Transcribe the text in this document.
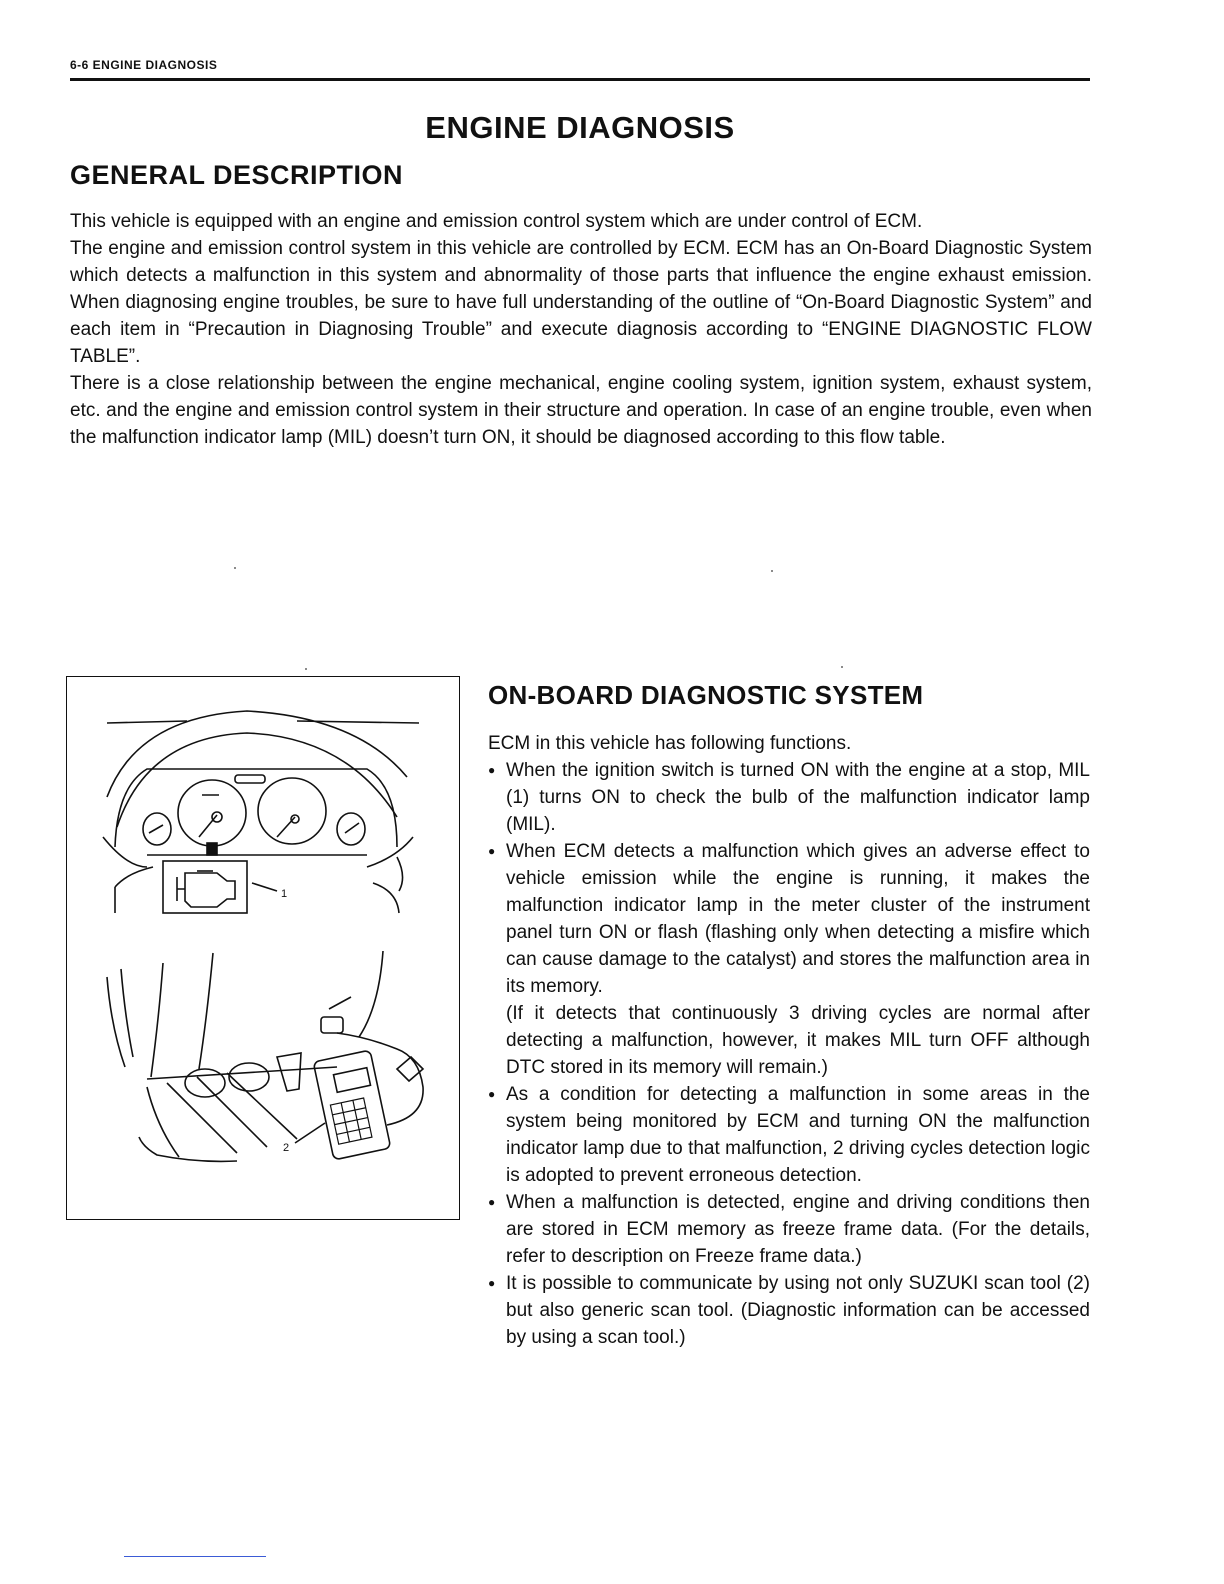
6-6 ENGINE DIAGNOSIS
ENGINE DIAGNOSIS
GENERAL DESCRIPTION

This vehicle is equipped with an engine and emission control system which are under control of ECM.

The engine and emission control system in this vehicle are controlled by ECM. ECM has an On-Board Diagnostic System which detects a malfunction in this system and abnormality of those parts that influence the engine exhaust emission. When diagnosing engine troubles, be sure to have full understanding of the outline of “On-Board Diagnostic System” and each item in “Precaution in Diagnosing Trouble” and execute diagnosis according to “ENGINE DIAGNOSTIC FLOW TABLE”.

There is a close relationship between the engine mechanical, engine cooling system, ignition system, exhaust system, etc. and the engine and emission control system in their structure and operation. In case of an engine trouble, even when the malfunction indicator lamp (MIL) doesn’t turn ON, it should be diagnosed according to this flow table.

1
2
ON-BOARD DIAGNOSTIC SYSTEM

ECM in this vehicle has following functions.

● When the ignition switch is turned ON with the engine at a stop, MIL (1) turns ON to check the bulb of the malfunction indicator lamp (MIL).
● When ECM detects a malfunction which gives an adverse effect to vehicle emission while the engine is running, it makes the malfunction indicator lamp in the meter cluster of the instrument panel turn ON or flash (flashing only when detecting a misfire which can cause damage to the catalyst) and stores the malfunction area in its memory.
(If it detects that continuously 3 driving cycles are normal after detecting a malfunction, however, it makes MIL turn OFF although DTC stored in its memory will remain.)
● As a condition for detecting a malfunction in some areas in the system being monitored by ECM and turning ON the malfunction indicator lamp due to that malfunction, 2 driving cycles detection logic is adopted to prevent erroneous detection.
● When a malfunction is detected, engine and driving conditions then are stored in ECM memory as freeze frame data. (For the details, refer to description on Freeze frame data.)
● It is possible to communicate by using not only SUZUKI scan tool (2) but also generic scan tool. (Diagnostic information can be accessed by using a scan tool.)
